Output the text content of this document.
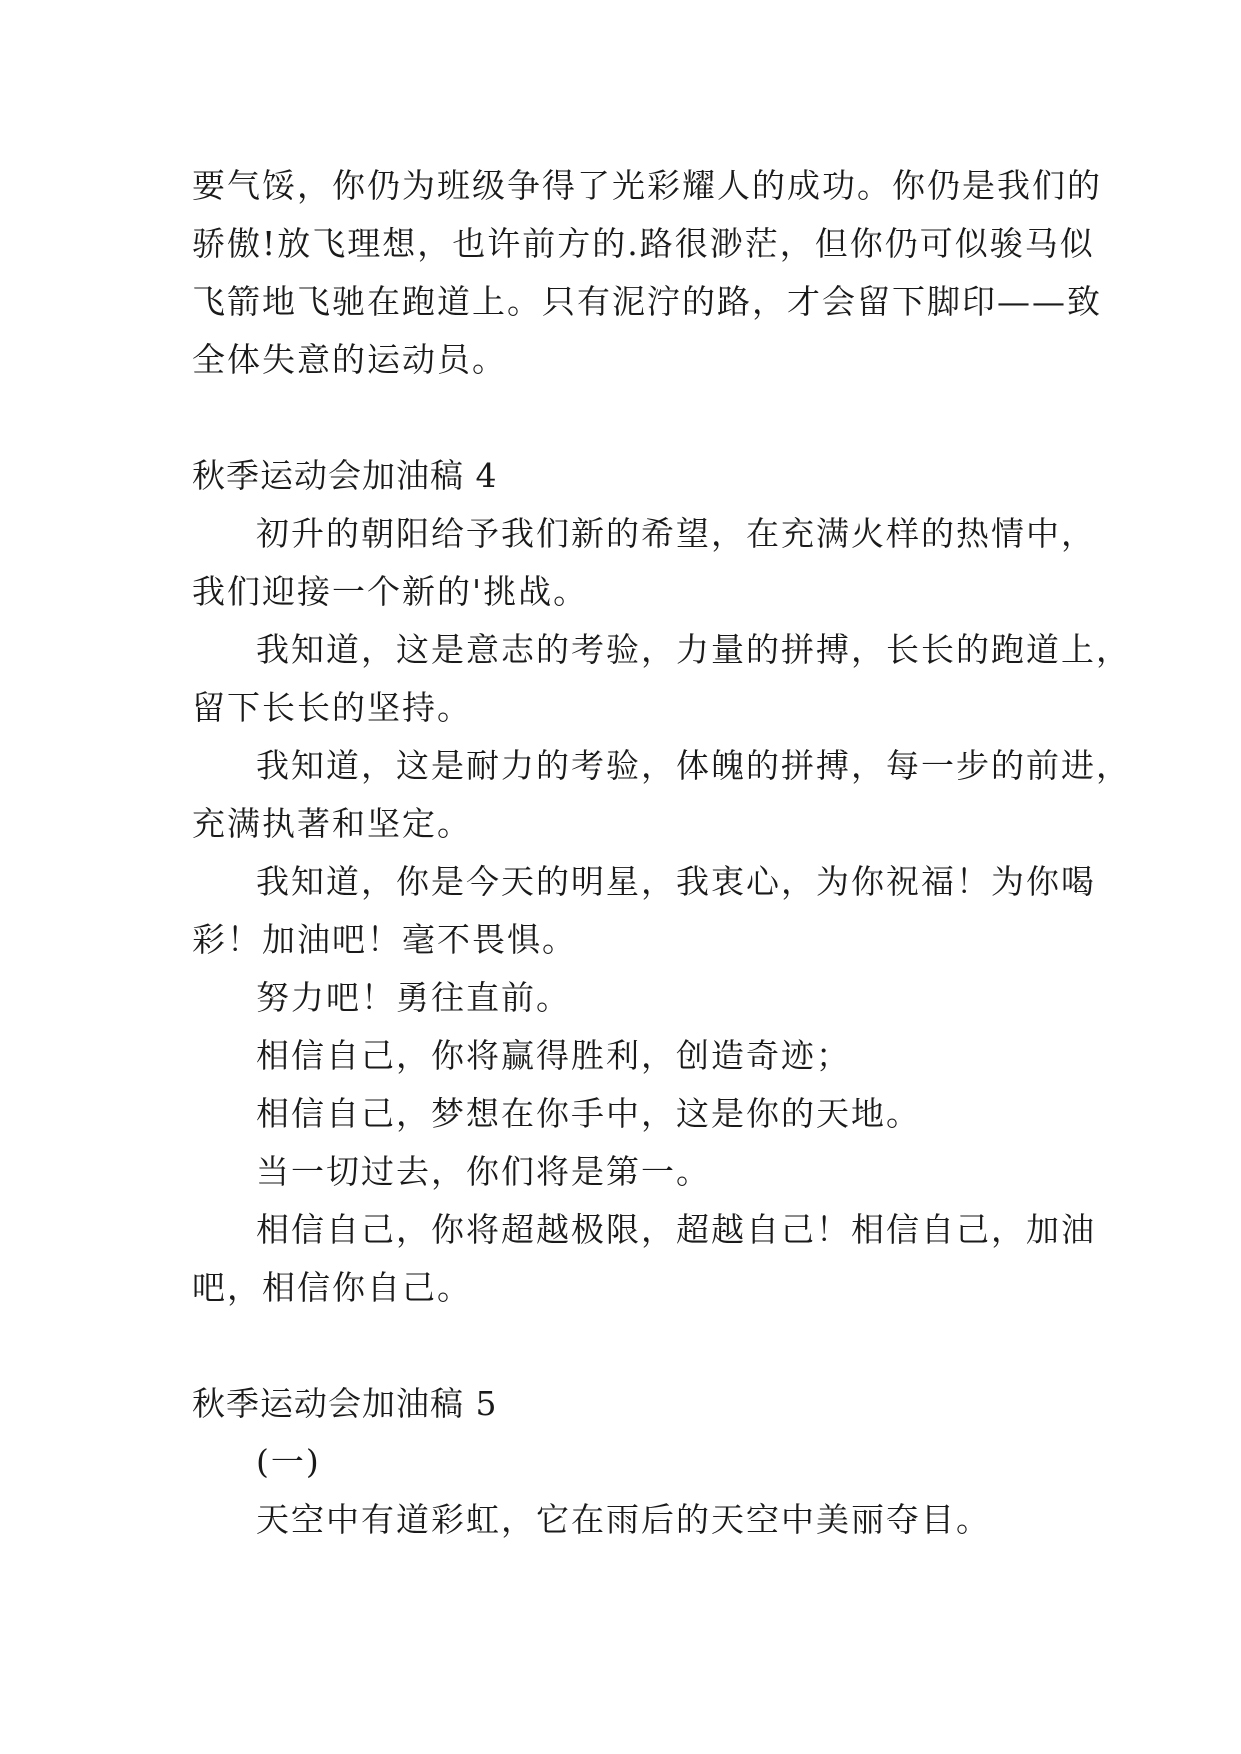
要气馁，你仍为班级争得了光彩耀人的成功。你仍是我们的

骄傲!放飞理想，也许前方的.路很渺茫，但你仍可似骏马似

飞箭地飞驰在跑道上。只有泥泞的路，才会留下脚印——致

全体失意的运动员。

秋季运动会加油稿 4

初升的朝阳给予我们新的希望，在充满火样的热情中，

我们迎接一个新的'挑战。

我知道，这是意志的考验，力量的拼搏，长长的跑道上，

留下长长的坚持。

我知道，这是耐力的考验，体魄的拼搏，每一步的前进，

充满执著和坚定。

我知道，你是今天的明星，我衷心，为你祝福！为你喝

彩！加油吧！毫不畏惧。

努力吧！勇往直前。

相信自己，你将赢得胜利，创造奇迹；

相信自己，梦想在你手中，这是你的天地。

当一切过去，你们将是第一。

相信自己，你将超越极限，超越自己！相信自己，加油

吧，相信你自己。

秋季运动会加油稿 5

(一)

天空中有道彩虹，它在雨后的天空中美丽夺目。
